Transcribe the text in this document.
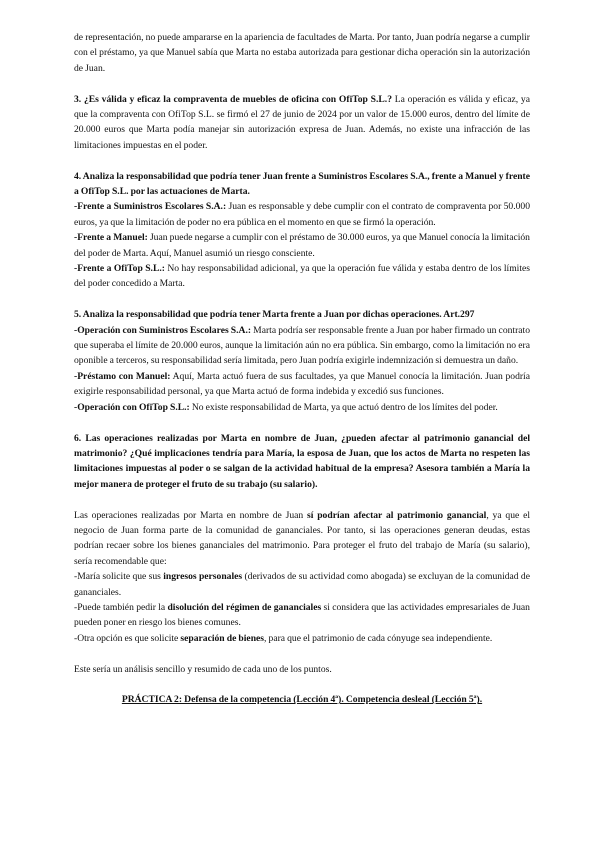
de representación, no puede ampararse en la apariencia de facultades de Marta. Por tanto, Juan podría negarse a cumplir con el préstamo, ya que Manuel sabía que Marta no estaba autorizada para gestionar dicha operación sin la autorización de Juan.

3. ¿Es válida y eficaz la compraventa de muebles de oficina con OfiTop S.L.? La operación es válida y eficaz, ya que la compraventa con OfiTop S.L. se firmó el 27 de junio de 2024 por un valor de 15.000 euros, dentro del límite de 20.000 euros que Marta podía manejar sin autorización expresa de Juan. Además, no existe una infracción de las limitaciones impuestas en el poder.

4. Analiza la responsabilidad que podría tener Juan frente a Suministros Escolares S.A., frente a Manuel y frente a OfiTop S.L. por las actuaciones de Marta.

-Frente a Suministros Escolares S.A.: Juan es responsable y debe cumplir con el contrato de compraventa por 50.000 euros, ya que la limitación de poder no era pública en el momento en que se firmó la operación.

-Frente a Manuel: Juan puede negarse a cumplir con el préstamo de 30.000 euros, ya que Manuel conocía la limitación del poder de Marta. Aquí, Manuel asumió un riesgo consciente.

-Frente a OfiTop S.L.: No hay responsabilidad adicional, ya que la operación fue válida y estaba dentro de los límites del poder concedido a Marta.

5. Analiza la responsabilidad que podría tener Marta frente a Juan por dichas operaciones. Art.297

-Operación con Suministros Escolares S.A.: Marta podría ser responsable frente a Juan por haber firmado un contrato que superaba el límite de 20.000 euros, aunque la limitación aún no era pública. Sin embargo, como la limitación no era oponible a terceros, su responsabilidad sería limitada, pero Juan podría exigirle indemnización si demuestra un daño.

-Préstamo con Manuel: Aquí, Marta actuó fuera de sus facultades, ya que Manuel conocía la limitación. Juan podría exigirle responsabilidad personal, ya que Marta actuó de forma indebida y excedió sus funciones.

-Operación con OfiTop S.L.: No existe responsabilidad de Marta, ya que actuó dentro de los límites del poder.

6. Las operaciones realizadas por Marta en nombre de Juan, ¿pueden afectar al patrimonio ganancial del matrimonio? ¿Qué implicaciones tendría para María, la esposa de Juan, que los actos de Marta no respeten las limitaciones impuestas al poder o se salgan de la actividad habitual de la empresa? Asesora también a María la mejor manera de proteger el fruto de su trabajo (su salario).

Las operaciones realizadas por Marta en nombre de Juan sí podrían afectar al patrimonio ganancial, ya que el negocio de Juan forma parte de la comunidad de gananciales. Por tanto, si las operaciones generan deudas, estas podrían recaer sobre los bienes gananciales del matrimonio. Para proteger el fruto del trabajo de María (su salario), sería recomendable que:

-María solicite que sus ingresos personales (derivados de su actividad como abogada) se excluyan de la comunidad de gananciales.

-Puede también pedir la disolución del régimen de gananciales si considera que las actividades empresariales de Juan pueden poner en riesgo los bienes comunes.

-Otra opción es que solicite separación de bienes, para que el patrimonio de cada cónyuge sea independiente.

Este sería un análisis sencillo y resumido de cada uno de los puntos.

PRÁCTICA 2: Defensa de la competencia (Lección 4ª). Competencia desleal (Lección 5ª).
